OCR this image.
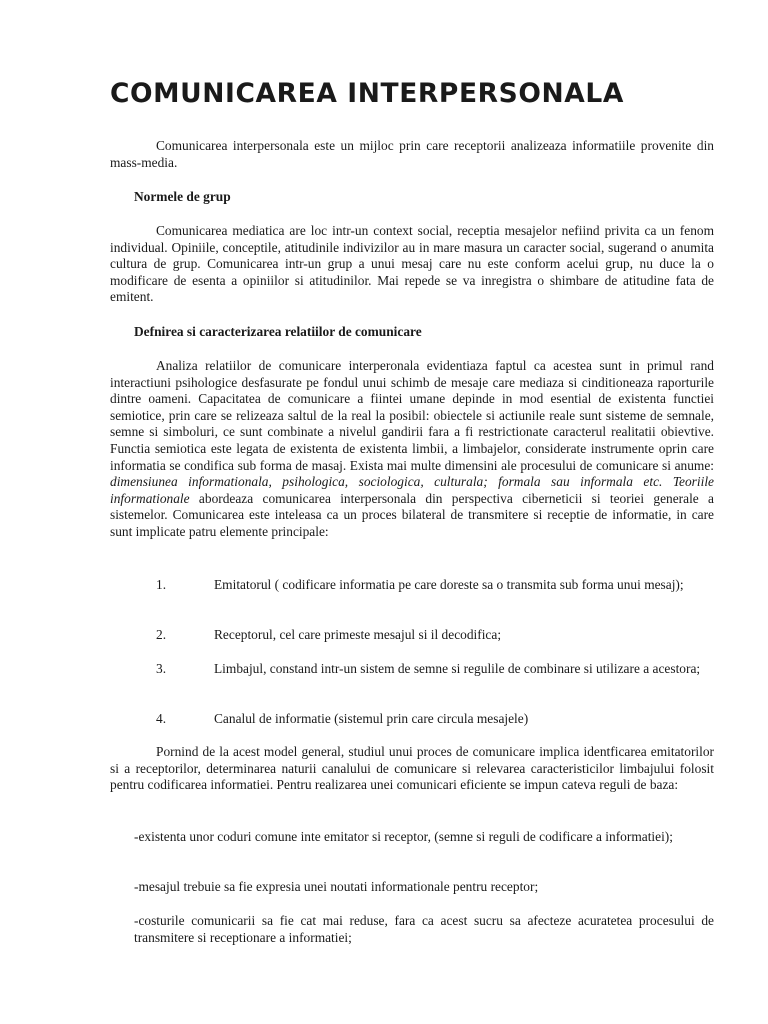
COMUNICAREA INTERPERSONALA

Comunicarea interpersonala este un mijloc prin care receptorii analizeaza informatiile provenite din mass-media.

Normele de grup

Comunicarea mediatica are loc intr-un context social, receptia mesajelor nefiind privita ca un fenom individual. Opiniile, conceptile, atitudinile indivizilor au in mare masura un caracter social, sugerand o anumita cultura de grup. Comunicarea intr-un grup a unui mesaj care nu este conform acelui grup, nu duce la o modificare de esenta a opiniilor si atitudinilor. Mai repede se va inregistra o shimbare de atitudine fata de emitent.

Defnirea si caracterizarea relatiilor de comunicare

Analiza relatiilor de comunicare interperonala evidentiaza faptul ca acestea sunt in primul rand interactiuni psihologice desfasurate pe fondul unui schimb de mesaje care mediaza si cinditioneaza raporturile dintre oameni. Capacitatea de comunicare a fiintei umane depinde in mod esential de existenta functiei semiotice, prin care se relizeaza saltul de la real la posibil: obiectele si actiunile reale sunt sisteme de semnale, semne si simboluri, ce sunt combinate a nivelul gandirii fara a fi restrictionate caracterul realitatii obievtive. Functia semiotica este legata de existenta de existenta limbii, a limbajelor, considerate instrumente oprin care informatia se condifica sub forma de masaj. Exista mai multe dimensini ale procesului de comunicare si anume: dimensiunea informationala, psihologica, sociologica, culturala; formala sau informala etc. Teoriile informationale abordeaza comunicarea interpersonala din perspectiva ciberneticii si teoriei generale a sistemelor. Comunicarea este inteleasa ca un proces bilateral de transmitere si receptie de informatie, in care sunt implicate patru elemente principale:

1.	Emitatorul ( codificare informatia pe care doreste sa o transmita sub forma unui mesaj);

2.	Receptorul, cel care primeste mesajul si il decodifica;

3.	Limbajul, constand intr-un sistem de semne si regulile de combinare si utilizare a acestora;

4.	Canalul de informatie (sistemul prin care circula mesajele)

Pornind de la acest model general, studiul unui proces de comunicare implica identficarea emitatorilor si a receptorilor, determinarea naturii canalului de comunicare si relevarea caracteristicilor limbajului folosit pentru codificarea informatiei. Pentru realizarea unei comunicari eficiente se impun cateva reguli de baza:

-existenta unor coduri comune inte emitator si receptor, (semne si reguli de codificare a informatiei);

-mesajul trebuie sa fie expresia unei noutati informationale pentru receptor;

-costurile comunicarii sa fie cat mai reduse, fara ca acest sucru sa afecteze acuratetea procesului de transmitere si receptionare a informatiei;
